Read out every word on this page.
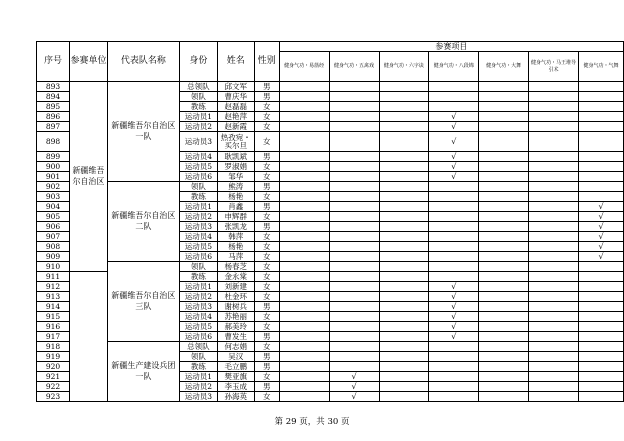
序号	参赛单位	代表队名称	身份	姓名	性别	参赛项目						
						健身气功・易筋经	健身气功・五禽戏	健身气功・六字诀	健身气功・八段锦	健身气功・大舞	健身气功・马王堆导引术	健身气功・气舞
893	新疆维吾尔自治区	新疆维吾尔自治区一队	总领队	邱文军	男							
894			领队	曹庆华	男							
895			教练	赵磊磊	女							
896			运动员1	赵艳萍	女				√			
897			运动员2	赵新霞	女				√			
898			运动员3	热孜宛・买尔旦	女				√			
899			运动员4	耿凯斌	男				√			
900			运动员5	罗淑娟	女				√			
901			运动员6	邹华	女				√			
902		新疆维吾尔自治区二队	领队	熊涛	男							
903			教练	杨艳	女							
904			运动员1	肖鑫	男							√
905			运动员2	申辉群	女							√
906			运动员3	张凯龙	男							√
907			运动员4	韩萍	女							√
908			运动员5	杨艳	女							√
909			运动员6	马萍	女							√
910		新疆维吾尔自治区三队	领队	杨春芝	女							
911			教练	金永棠	女							
912			运动员1	刘新建	女				√			
913			运动员2	杜金环	女				√			
914			运动员3	谢树兵	男				√			
915			运动员4	苏艳丽	女				√			
916			运动员5	郝美玲	女				√			
917			运动员6	曹发生	男				√			
918		新疆生产建设兵团一队	总领队	何志娟	女							
919			领队	吴汉	男							
920			教练	毛立鹏	男							
921			运动员1	樊亚旗	女		√					
922			运动员2	李玉成	男		√					
923			运动员3	孙海英	女		√					
第 29 页，共 30 页
